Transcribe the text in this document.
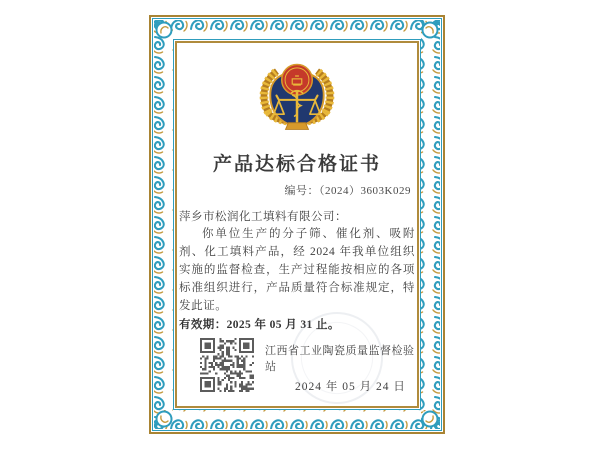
产品达标合格证书
编号：（2024）3603K029
萍乡市松润化工填料有限公司：

你单位生产的分子筛、催化剂、吸附剂、化工填料产品，经 2024 年我单位组织实施的监督检查，生产过程能按相应的各项标准组织进行，产品质量符合标准规定，特发此证。

有效期：2025 年 05 月 31 止。
江西省工业陶瓷质量监督检验站
2024 年 05 月 24 日
